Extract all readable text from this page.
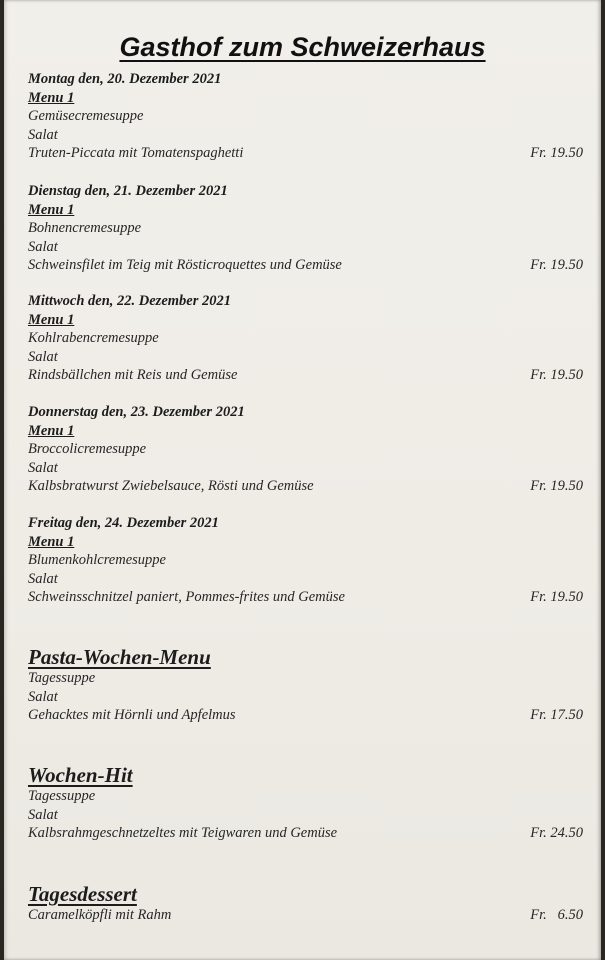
Gasthof zum Schweizerhaus
Montag den, 20. Dezember 2021
Menu 1
Gemüsecremesuppe
Salat
Truten-Piccata mit Tomatenspaghetti	Fr. 19.50
Dienstag den, 21. Dezember 2021
Menu 1
Bohnencremesuppe
Salat
Schweinsfilet im Teig mit Rösticroquettes und Gemüse	Fr. 19.50
Mittwoch den, 22. Dezember 2021
Menu 1
Kohlrabencremesuppe
Salat
Rindsbällchen mit Reis und Gemüse	Fr. 19.50
Donnerstag den, 23. Dezember 2021
Menu 1
Broccolicremesuppe
Salat
Kalbsbratwurst Zwiebelsauce, Rösti und Gemüse	Fr. 19.50
Freitag den, 24. Dezember 2021
Menu 1
Blumenkohlcremesuppe
Salat
Schweinsschnitzel paniert, Pommes-frites und Gemüse	Fr. 19.50
Pasta-Wochen-Menu
Tagessuppe
Salat
Gehacktes mit Hörnli und Apfelmus	Fr. 17.50
Wochen-Hit
Tagessuppe
Salat
Kalbsrahmgeschnetzeltes mit Teigwaren und Gemüse	Fr. 24.50
Tagesdessert
Caramelköpfli mit Rahm	Fr.   6.50
